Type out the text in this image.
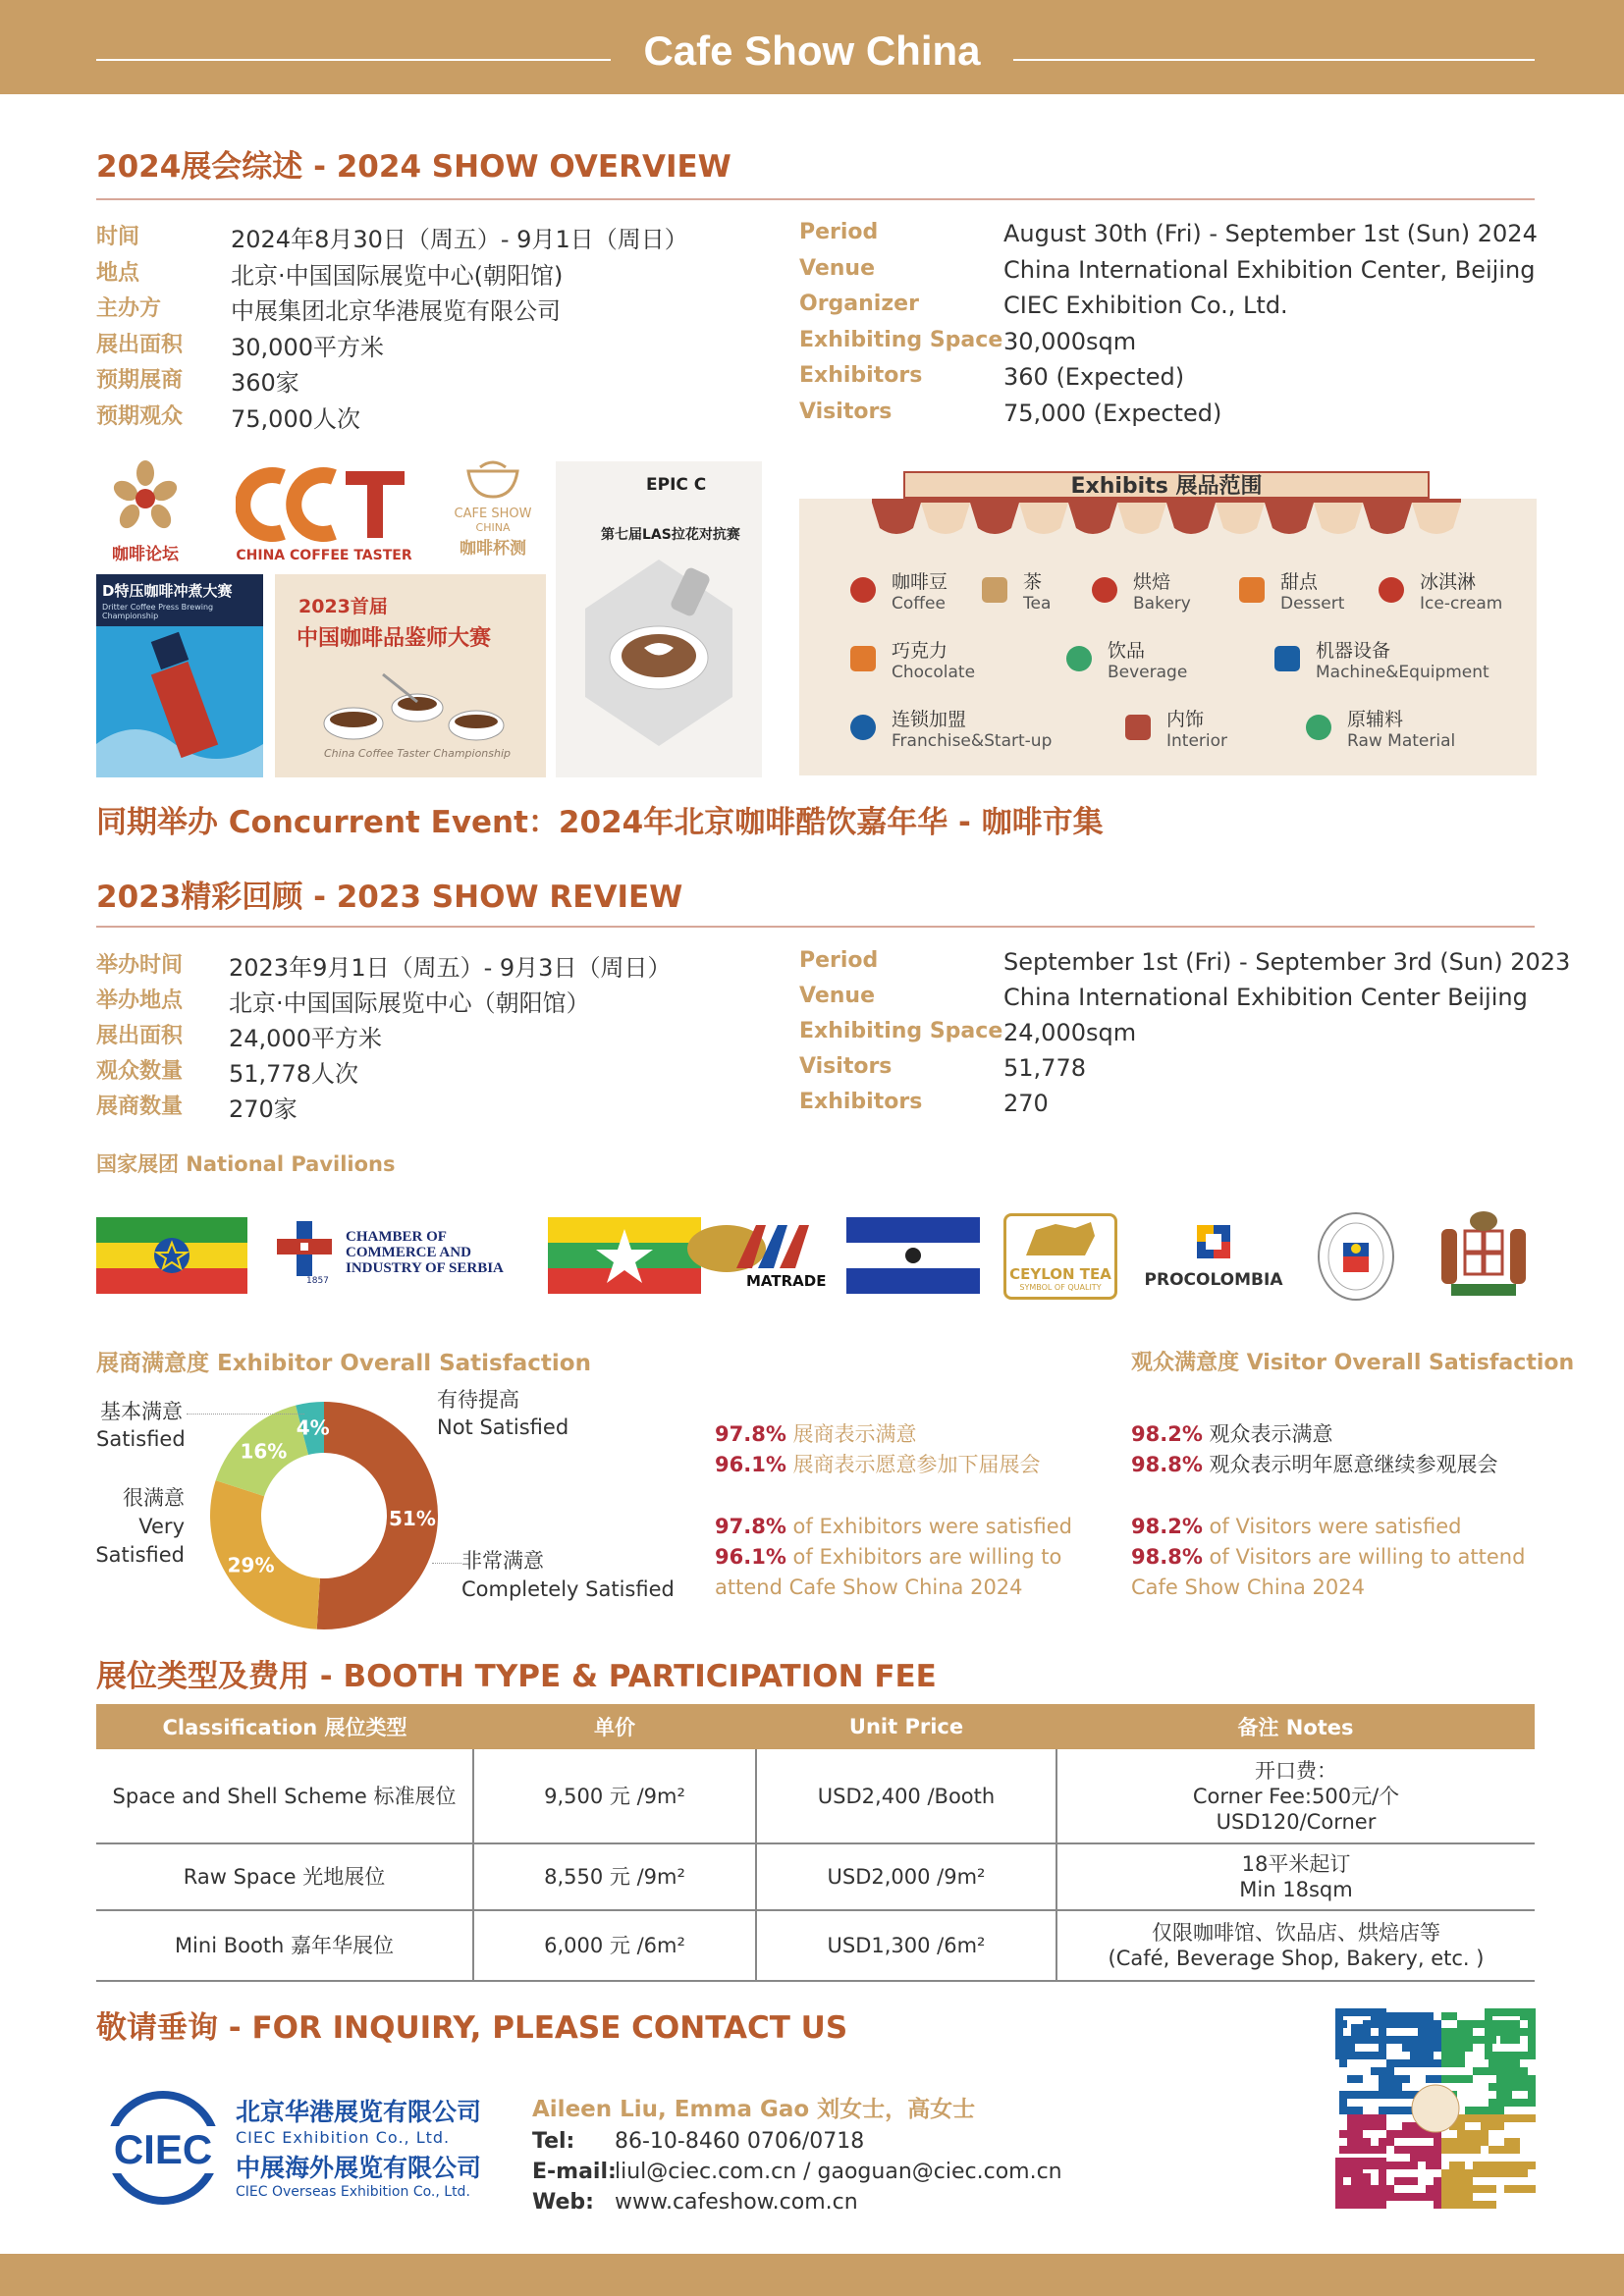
Cafe Show China
2024展会综述 - 2024 SHOW OVERVIEW
时间	2024年8月30日（周五）- 9月1日（周日）
地点	北京·中国国际展览中心(朝阳馆)
主办方	中展集团北京华港展览有限公司
展出面积 30,000平方米
预期展商 360家
预期观众 75,000人次
Period	August 30th (Fri) - September 1st (Sun) 2024
Venue	China International Exhibition Center, Beijing
Organizer	CIEC Exhibition Co., Ltd.
Exhibiting Space 30,000sqm
Exhibitors	360 (Expected)
Visitors	75,000 (Expected)
咖啡论坛	CHINA COFFEE TASTER
CAFE SHOW
CHINA
咖啡杯测
D特压咖啡冲煮大赛
Dritter Coffee Press Brewing Championship	2023首届
中国咖啡品鉴师大赛
China Coffee Taster Championship
EPIC C
第七届LAS拉花对抗赛
Exhibits 展品范围
咖啡豆
Coffee
茶
Tea
烘焙
Bakery
甜点
Dessert
冰淇淋
Ice-cream
巧克力
Chocolate
饮品
Beverage
机器设备
Machine&Equipment
连锁加盟
Franchise&Start-up
内饰
Interior
原辅料
Raw Material
同期举办 Concurrent Event：2024年北京咖啡酷饮嘉年华 - 咖啡市集
2023精彩回顾 - 2023 SHOW REVIEW
举办时间 2023年9月1日（周五）- 9月3日（周日）
举办地点 北京·中国国际展览中心（朝阳馆）
展出面积 24,000平方米
观众数量 51,778人次
展商数量 270家
Period	September 1st (Fri) - September 3rd (Sun) 2023
Venue	China International Exhibition Center Beijing
Exhibiting Space 24,000sqm
Visitors	51,778
Exhibitors	270
国家展团 National Pavilions
1857
CHAMBER OF
COMMERCE AND
INDUSTRY OF SERBIA
MATRADE	CEYLON TEA
SYMBOL OF QUALITY	PROCOLOMBIA
展商满意度 Exhibitor Overall Satisfaction	观众满意度 Visitor Overall Satisfaction
51%
29%
16%
4%
基本满意
Satisfied
很满意
Very
Satisfied
有待提高
Not Satisfied
非常满意
Completely Satisfied
97.8% 展商表示满意
96.1% 展商表示愿意参加下届展会
97.8% of Exhibitors were satisfied
96.1% of Exhibitors are willing to
attend Cafe Show China 2024
98.2% 观众表示满意
98.8% 观众表示明年愿意继续参观展会
98.2% of Visitors were satisfied
98.8% of Visitors are willing to attend
Cafe Show China 2024
展位类型及费用 - BOOTH TYPE & PARTICIPATION FEE
Classification 展位类型	单价	Unit Price	备注 Notes
Space and Shell Scheme 标准展位	9,500 元 /9m²	USD2,400 /Booth	开口费：
Corner Fee:500元/个
USD120/Corner

Raw Space 光地展位	8,550 元 /9m²	USD2,000 /9m²	18平米起订
Min 18sqm

Mini Booth 嘉年华展位	6,000 元 /6m²	USD1,300 /6m²	仅限咖啡馆、饮品店、烘焙店等
(Café, Beverage Shop, Bakery, etc. )
敬请垂询 - FOR INQUIRY, PLEASE CONTACT US
CIEC
北京华港展览有限公司
CIEC Exhibition Co., Ltd.
中展海外展览有限公司
CIEC Overseas Exhibition Co., Ltd.
Aileen Liu, Emma Gao 刘女士，高女士
Tel: 86-10-8460 0706/0718
E-mail:liul@ciec.com.cn / gaoguan@ciec.com.cn
Web: www.cafeshow.com.cn
